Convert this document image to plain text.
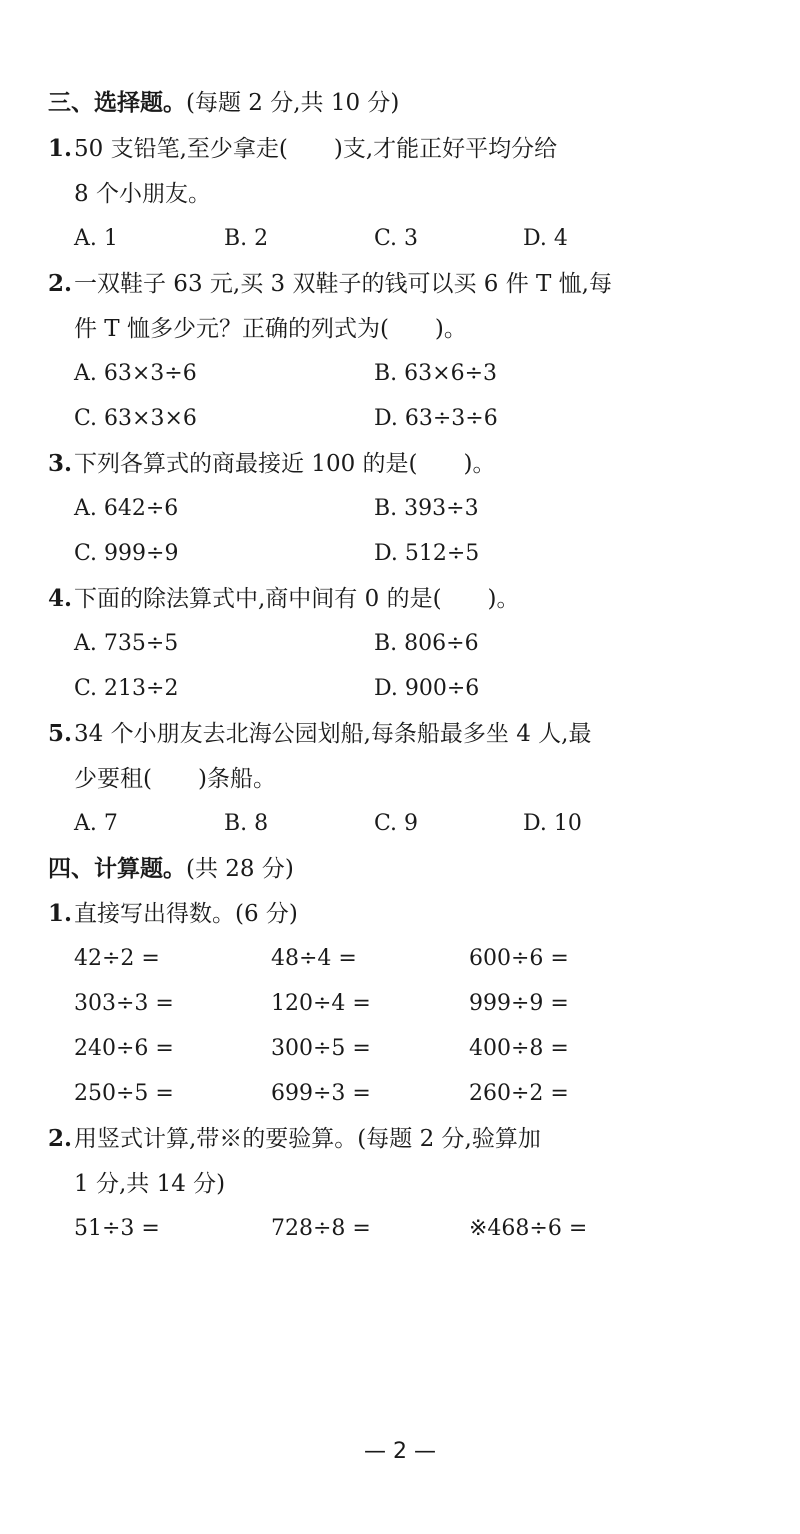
三、选择题。(每题 2 分,共 10 分)
1.50 支铅笔,至少拿走(　　)支,才能正好平均分给
8 个小朋友。
A. 1	B. 2	C. 3	D. 4
2.一双鞋子 63 元,买 3 双鞋子的钱可以买 6 件 T 恤,每
件 T 恤多少元？正确的列式为(　　)。
A. 63×3÷6	B. 63×6÷3
C. 63×3×6	D. 63÷3÷6
3.下列各算式的商最接近 100 的是(　　)。
A. 642÷6	B. 393÷3
C. 999÷9	D. 512÷5
4.下面的除法算式中,商中间有 0 的是(　　)。
A. 735÷5	B. 806÷6
C. 213÷2	D. 900÷6
5.34 个小朋友去北海公园划船,每条船最多坐 4 人,最
少要租(　　)条船。
A. 7	B. 8	C. 9	D. 10
四、计算题。(共 28 分)
1.直接写出得数。(6 分)
42÷2 =	48÷4 =	600÷6 =
303÷3 =	120÷4 =	999÷9 =
240÷6 =	300÷5 =	400÷8 =
250÷5 =	699÷3 =	260÷2 =
2.用竖式计算,带※的要验算。(每题 2 分,验算加
1 分,共 14 分)
51÷3 =	728÷8 =	※468÷6 =
— 2 —
